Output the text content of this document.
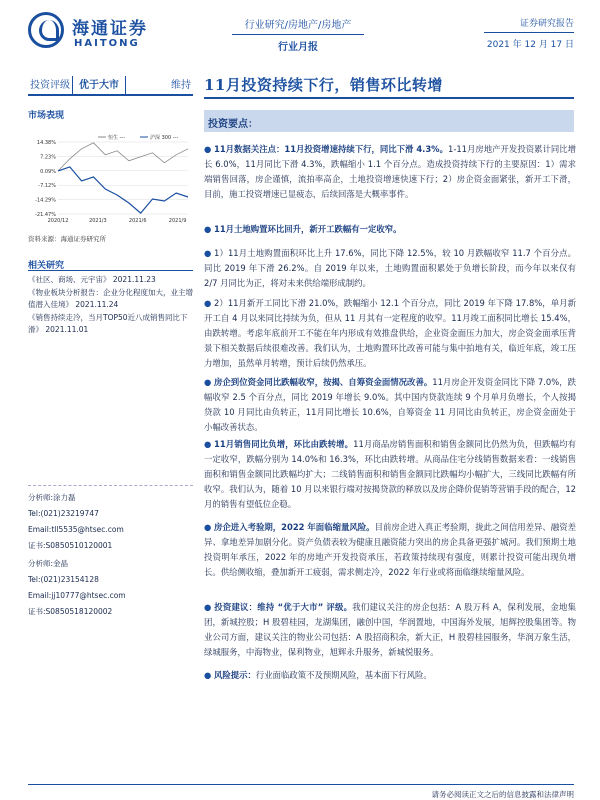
海通证券
HAITONG
行业研究/房地产/房地产
行业月报
证券研究报告
2021 年 12 月 17 日
投资评级 优于大市	维持 11月投资持续下行，销售环比转增
市场表现
14.38%
7.23%
0.09%
-7.12%
-14.29%
-21.47%
2020/12	2021/3	2021/6	2021/9
恒生 ---	沪深 300 ---
资料来源：海通证券研究所
相关研究
《社区、商场、元宇宙》 2021.11.23
《物业板块分析报告：企业分化程度加大，业主增值潜入佳境》 2021.11.24
《销售持续走冷，当月TOP50近八成销售同比下滑》 2021.11.01
分析师:涂力磊
Tel:(021)23219747
Email:tll5535@htsec.com
证书:S0850510120001
分析师:金晶
Tel:(021)23154128
Email:jj10777@htsec.com
证书:S0850518120002
投资要点：
● 11月数据关注点：11月投资增速持续下行，同比下滑 4.3%。1-11月房地产开发投资累计同比增长 6.0%，11月同比下滑 4.3%，跌幅缩小 1.1 个百分点。造成投资持续下行的主要原因：1）需求端销售回落，房企谨慎，流拍率高企，土地投资增速快速下行；2）房企资金面紧张，新开工下滑，目前，施工投资增速已显疲态，后续回落是大概率事件。
● 11月土地购置环比回升，新开工跌幅有一定收窄。
● 1）11月土地购置面积环比上升 17.6%，同比下降 12.5%，较 10 月跌幅收窄 11.7 个百分点。同比 2019 年下滑 26.2%。自 2019 年以来，土地购置面积累处于负增长阶段，而今年以来仅有 2/7 月同比为正，将对未来供给端形成制约。
● 2）11月新开工同比下滑 21.0%，跌幅缩小 12.1 个百分点，同比 2019 年下降 17.8%，单月新开工自 4 月以来同比持续为负，但从 11 月其有一定程度的收窄。11月竣工面积同比增长 15.4%，由跌转增。考虑年底前开工不能在年内形成有效推盘供给，企业资金面压力加大，房企资金面承压背景下相关数据后续很难改善。我们认为，土地购置环比改善可能与集中拍地有关，临近年底，竣工压力增加，虽然单月转增，预计后续仍然承压。
● 房企到位资金同比跌幅收窄，按揭、自筹资金面情况改善。11月房企开发资金同比下降 7.0%，跌幅收窄 2.5 个百分点，同比 2019 年增长 9.0%。其中国内贷款连续 9 个月单月负增长，个人按揭贷款 10 月同比由负转正，11月同比增长 10.6%，自筹资金 11 月同比由负转正，房企资金面处于小幅改善状态。
● 11月销售同比负增，环比由跌转增。11月商品房销售面积和销售金额同比仍然为负，但跌幅均有一定收窄，跌幅分别为 14.0%和 16.3%，环比由跌转增。从商品住宅分线销售数据来看：一线销售面积和销售金额同比跌幅均扩大；二线销售面积和销售金额同比跌幅均小幅扩大，三线同比跌幅有所收窄。我们认为，随着 10 月以来银行端对按揭贷款的释放以及房企降价促销等营销手段的配合，12 月的销售有望低位企稳。
● 房企进入考验期，2022 年面临缩量风险。目前房企进入真正考验期，拢此之间信用差异、融资差异、拿地差异加剧分化。资产负债表较为健康且融资能力突出的房企具备更强扩城河。我们预期土地投资明年承压，2022 年的房地产开发投资承压，若政策持续现有强度，则累计投资可能出现负增长。供给侧收缩，叠加新开工疲弱，需求侧走冷，2022 年行业或将面临继续缩量风险。
● 投资建议：维持 “优于大市” 评级。我们建议关注的房企包括：A 股万科 A，保利发展，金地集团，新城控股；H 股碧桂园，龙湖集团，融创中国，华润置地，中国海外发展，旭辉控股集团等。物业公司方面，建议关注的物业公司包括：A 股招商积余，新大正，H 股碧桂园服务，华润万象生活，绿城服务，中海物业，保利物业，旭辉永升服务，新城悦服务。
● 风险提示：行业面临政策不及预期风险，基本面下行风险。
请务必阅读正文之后的信息披露和法律声明
